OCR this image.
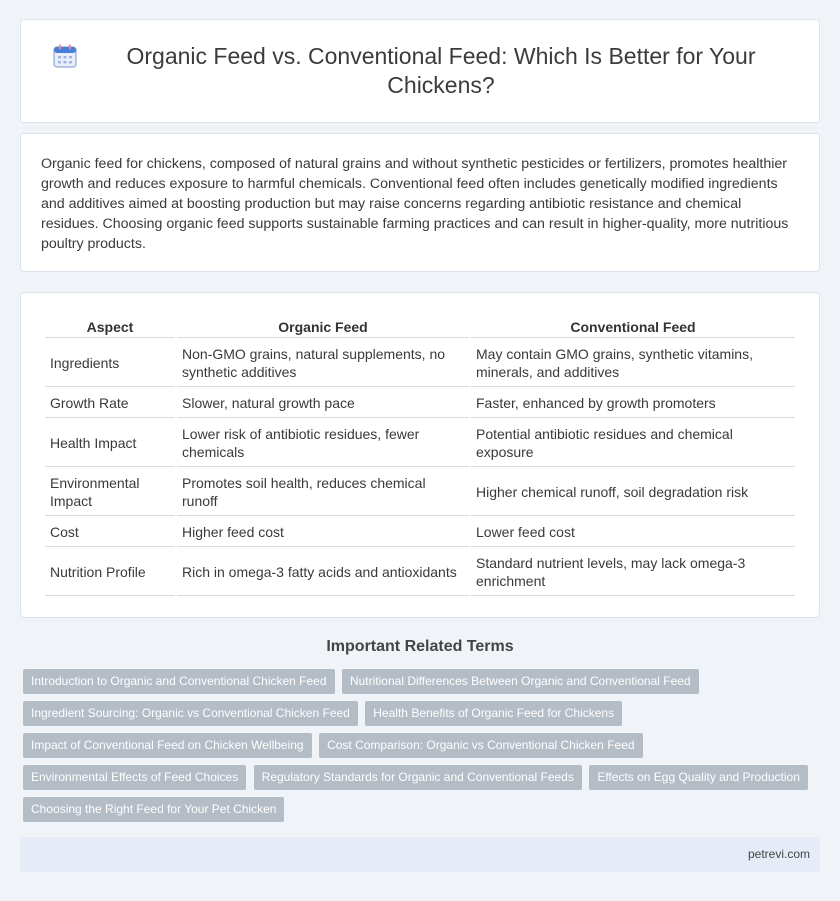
Organic Feed vs. Conventional Feed: Which Is Better for Your Chickens?

Organic feed for chickens, composed of natural grains and without synthetic pesticides or fertilizers, promotes healthier growth and reduces exposure to harmful chemicals. Conventional feed often includes genetically modified ingredients and additives aimed at boosting production but may raise concerns regarding antibiotic resistance and chemical residues. Choosing organic feed supports sustainable farming practices and can result in higher-quality, more nutritious poultry products.

Aspect	Organic Feed	Conventional Feed
Ingredients	Non-GMO grains, natural supplements, no synthetic additives	May contain GMO grains, synthetic vitamins, minerals, and additives
Growth Rate	Slower, natural growth pace	Faster, enhanced by growth promoters
Health Impact	Lower risk of antibiotic residues, fewer chemicals	Potential antibiotic residues and chemical exposure
Environmental Impact	Promotes soil health, reduces chemical runoff	Higher chemical runoff, soil degradation risk
Cost	Higher feed cost	Lower feed cost
Nutrition Profile	Rich in omega-3 fatty acids and antioxidants	Standard nutrient levels, may lack omega-3 enrichment
Important Related Terms
Introduction to Organic and Conventional Chicken Feed Nutritional Differences Between Organic and Conventional Feed Ingredient Sourcing: Organic vs Conventional Chicken Feed Health Benefits of Organic Feed for Chickens Impact of Conventional Feed on Chicken Wellbeing Cost Comparison: Organic vs Conventional Chicken Feed Environmental Effects of Feed Choices Regulatory Standards for Organic and Conventional Feeds Effects on Egg Quality and Production Choosing the Right Feed for Your Pet Chicken
petrevi.com
